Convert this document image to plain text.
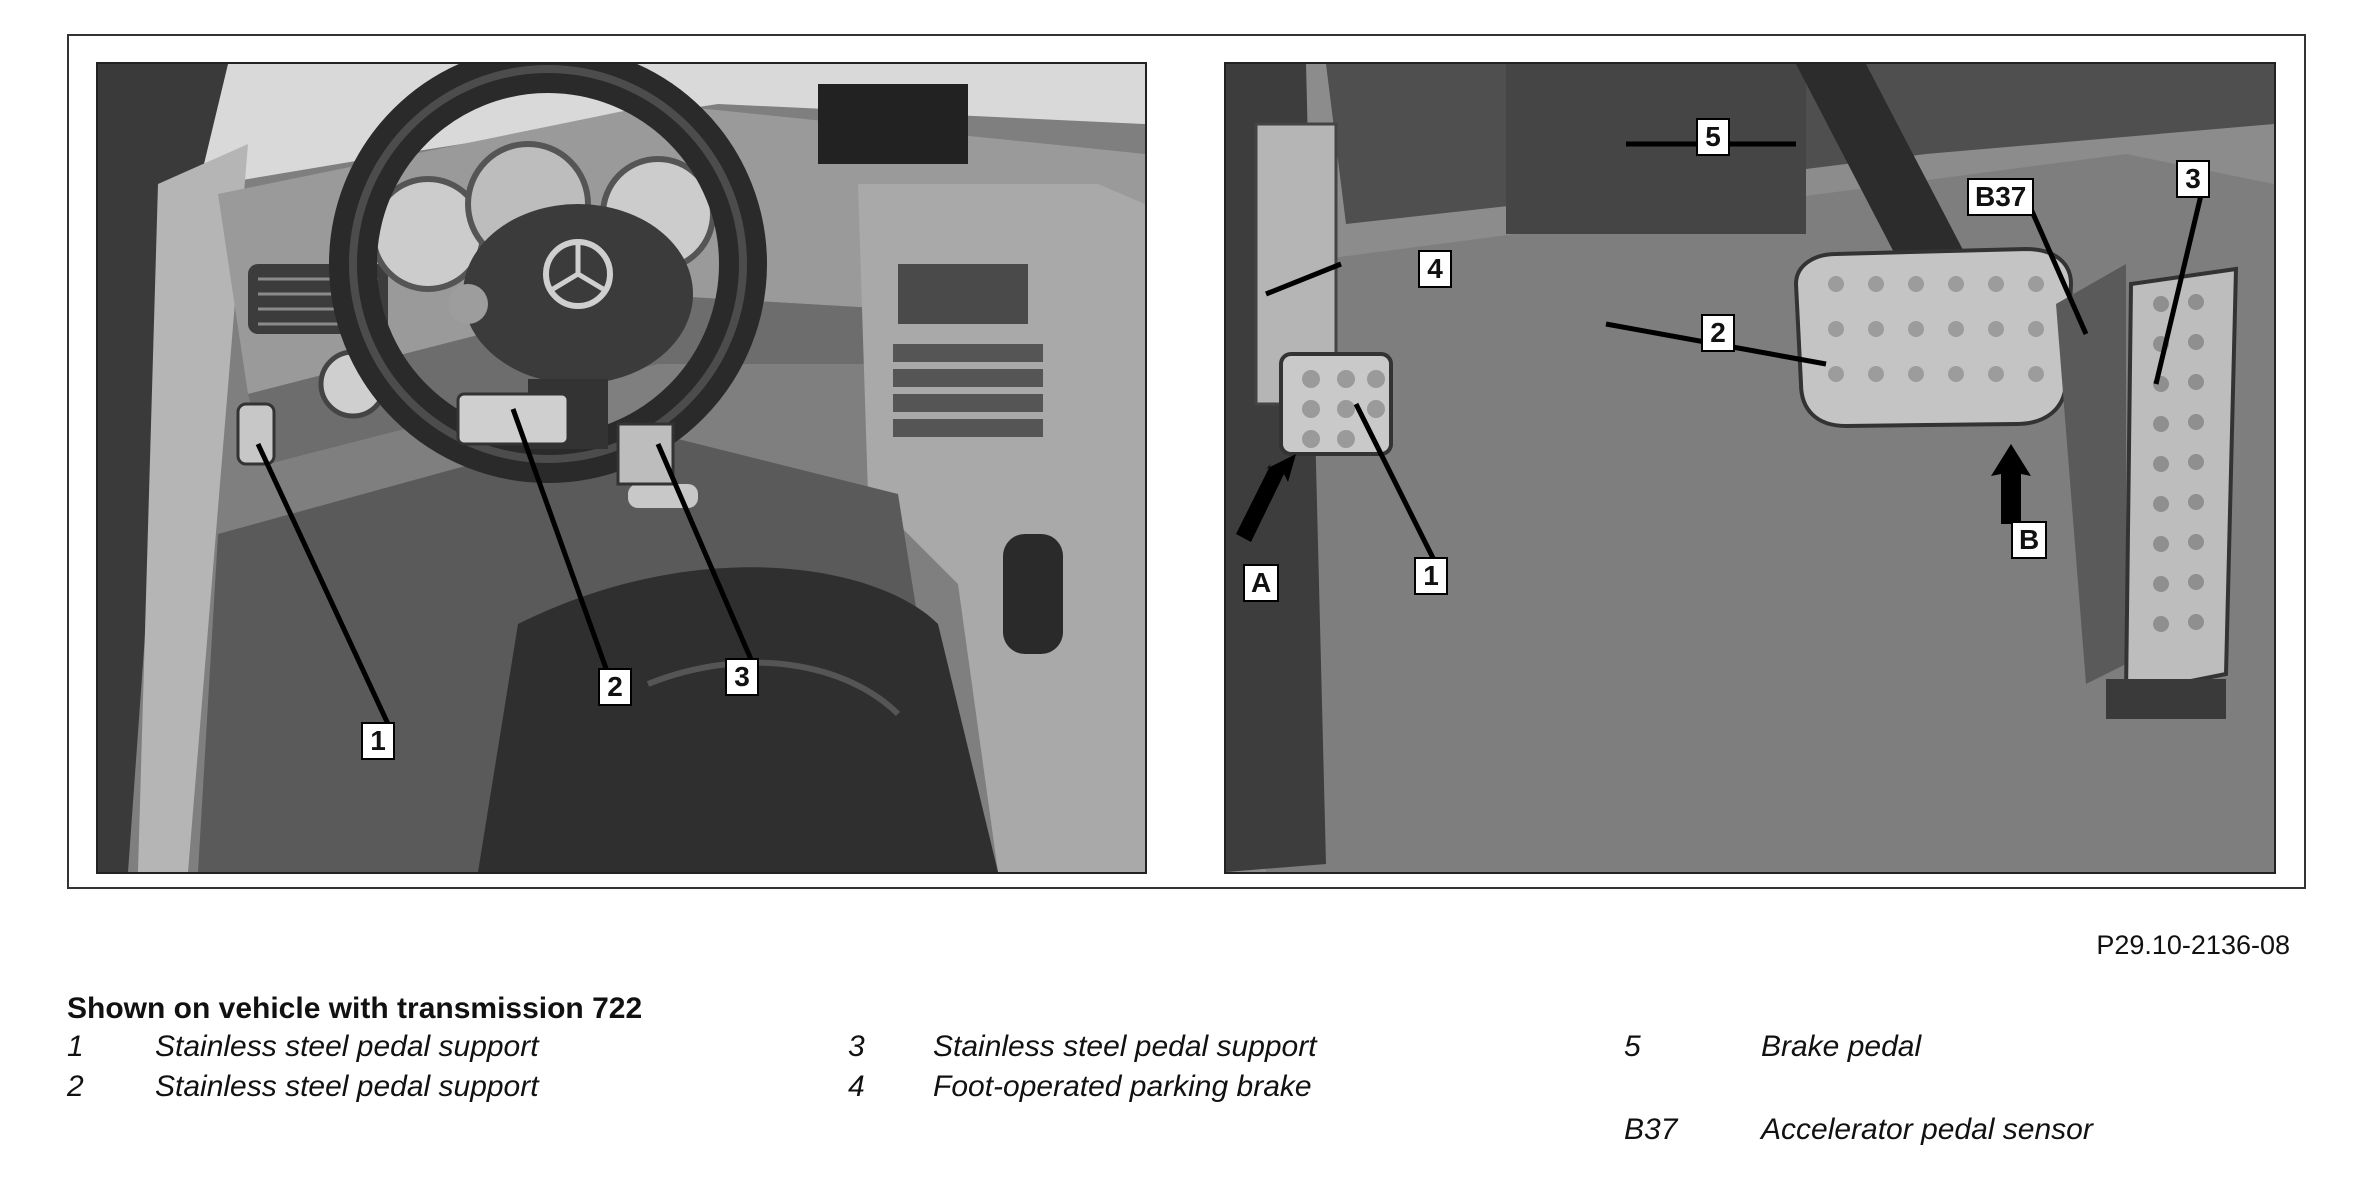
1
2	3
1
2
3
4
5
B37
A
B
P29.10-2136-08
Shown on vehicle with transmission 722
1 Stainless steel pedal support
2 Stainless steel pedal support
3 Stainless steel pedal support
4 Foot-operated parking brake
5	Brake pedal
B37	Accelerator pedal sensor
